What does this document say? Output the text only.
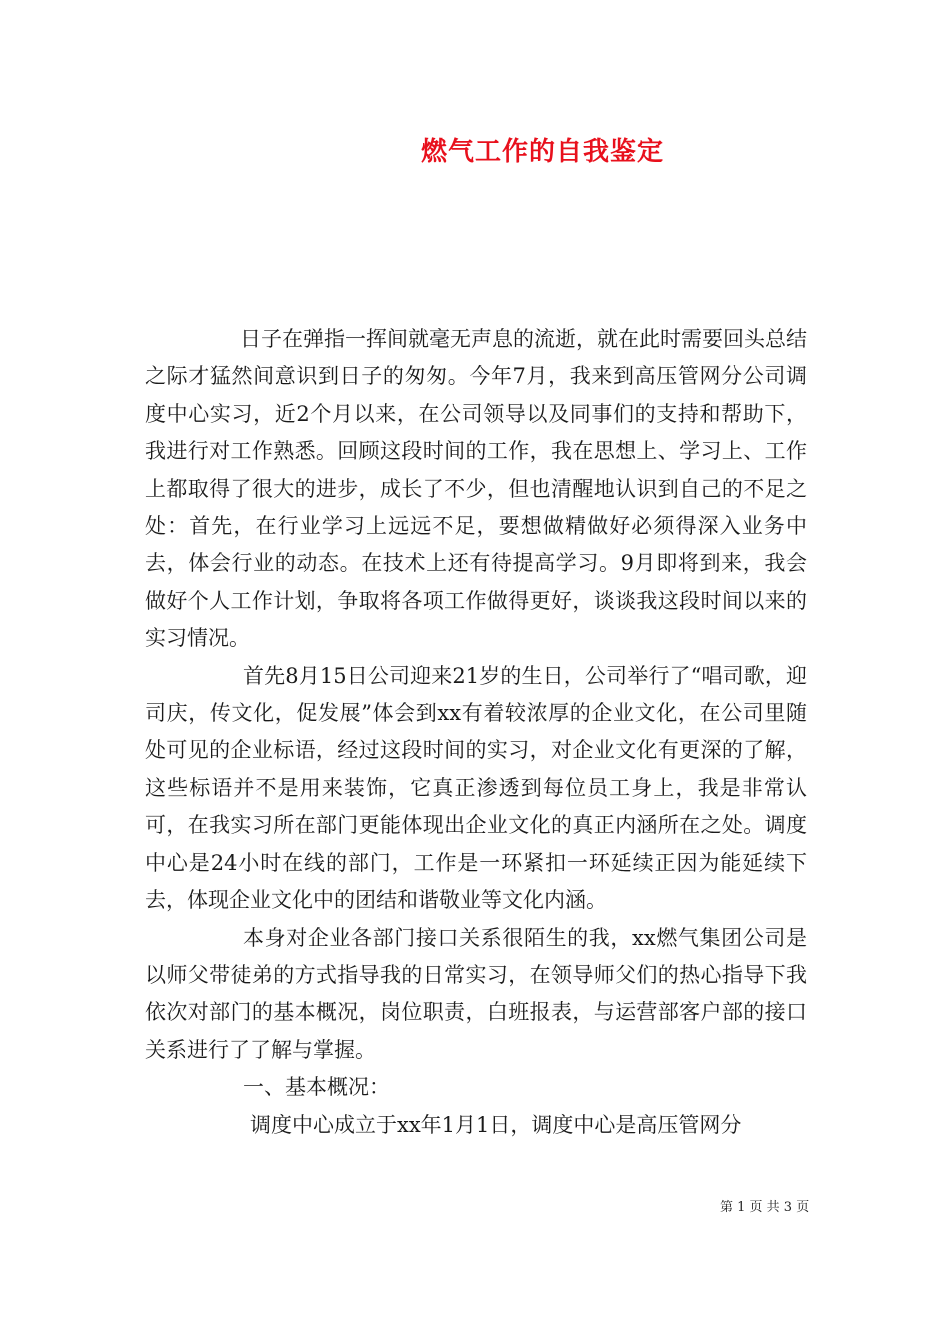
燃气工作的自我鉴定

日子在弹指一挥间就毫无声息的流逝，就在此时需要回头总结之际才猛然间意识到日子的匆匆。今年7月，我来到高压管网分公司调度中心实习，近2个月以来，在公司领导以及同事们的支持和帮助下，我进行对工作熟悉。回顾这段时间的工作，我在思想上、学习上、工作上都取得了很大的进步，成长了不少，但也清醒地认识到自己的不足之处：首先，在行业学习上远远不足，要想做精做好必须得深入业务中去，体会行业的动态。在技术上还有待提高学习。9月即将到来，我会做好个人工作计划，争取将各项工作做得更好，谈谈我这段时间以来的实习情况。

首先8月15日公司迎来21岁的生日，公司举行了“唱司歌，迎司庆，传文化，促发展”体会到xx有着较浓厚的企业文化，在公司里随处可见的企业标语，经过这段时间的实习，对企业文化有更深的了解，这些标语并不是用来装饰，它真正渗透到每位员工身上，我是非常认可，在我实习所在部门更能体现出企业文化的真正内涵所在之处。调度中心是24小时在线的部门，工作是一环紧扣一环延续正因为能延续下去，体现企业文化中的团结和谐敬业等文化内涵。

本身对企业各部门接口关系很陌生的我，xx燃气集团公司是以师父带徒弟的方式指导我的日常实习，在领导师父们的热心指导下我依次对部门的基本概况，岗位职责，白班报表，与运营部客户部的接口关系进行了了解与掌握。

一、基本概况：

调度中心成立于xx年1月1日，调度中心是高压管网分

第 1 页 共 3 页
